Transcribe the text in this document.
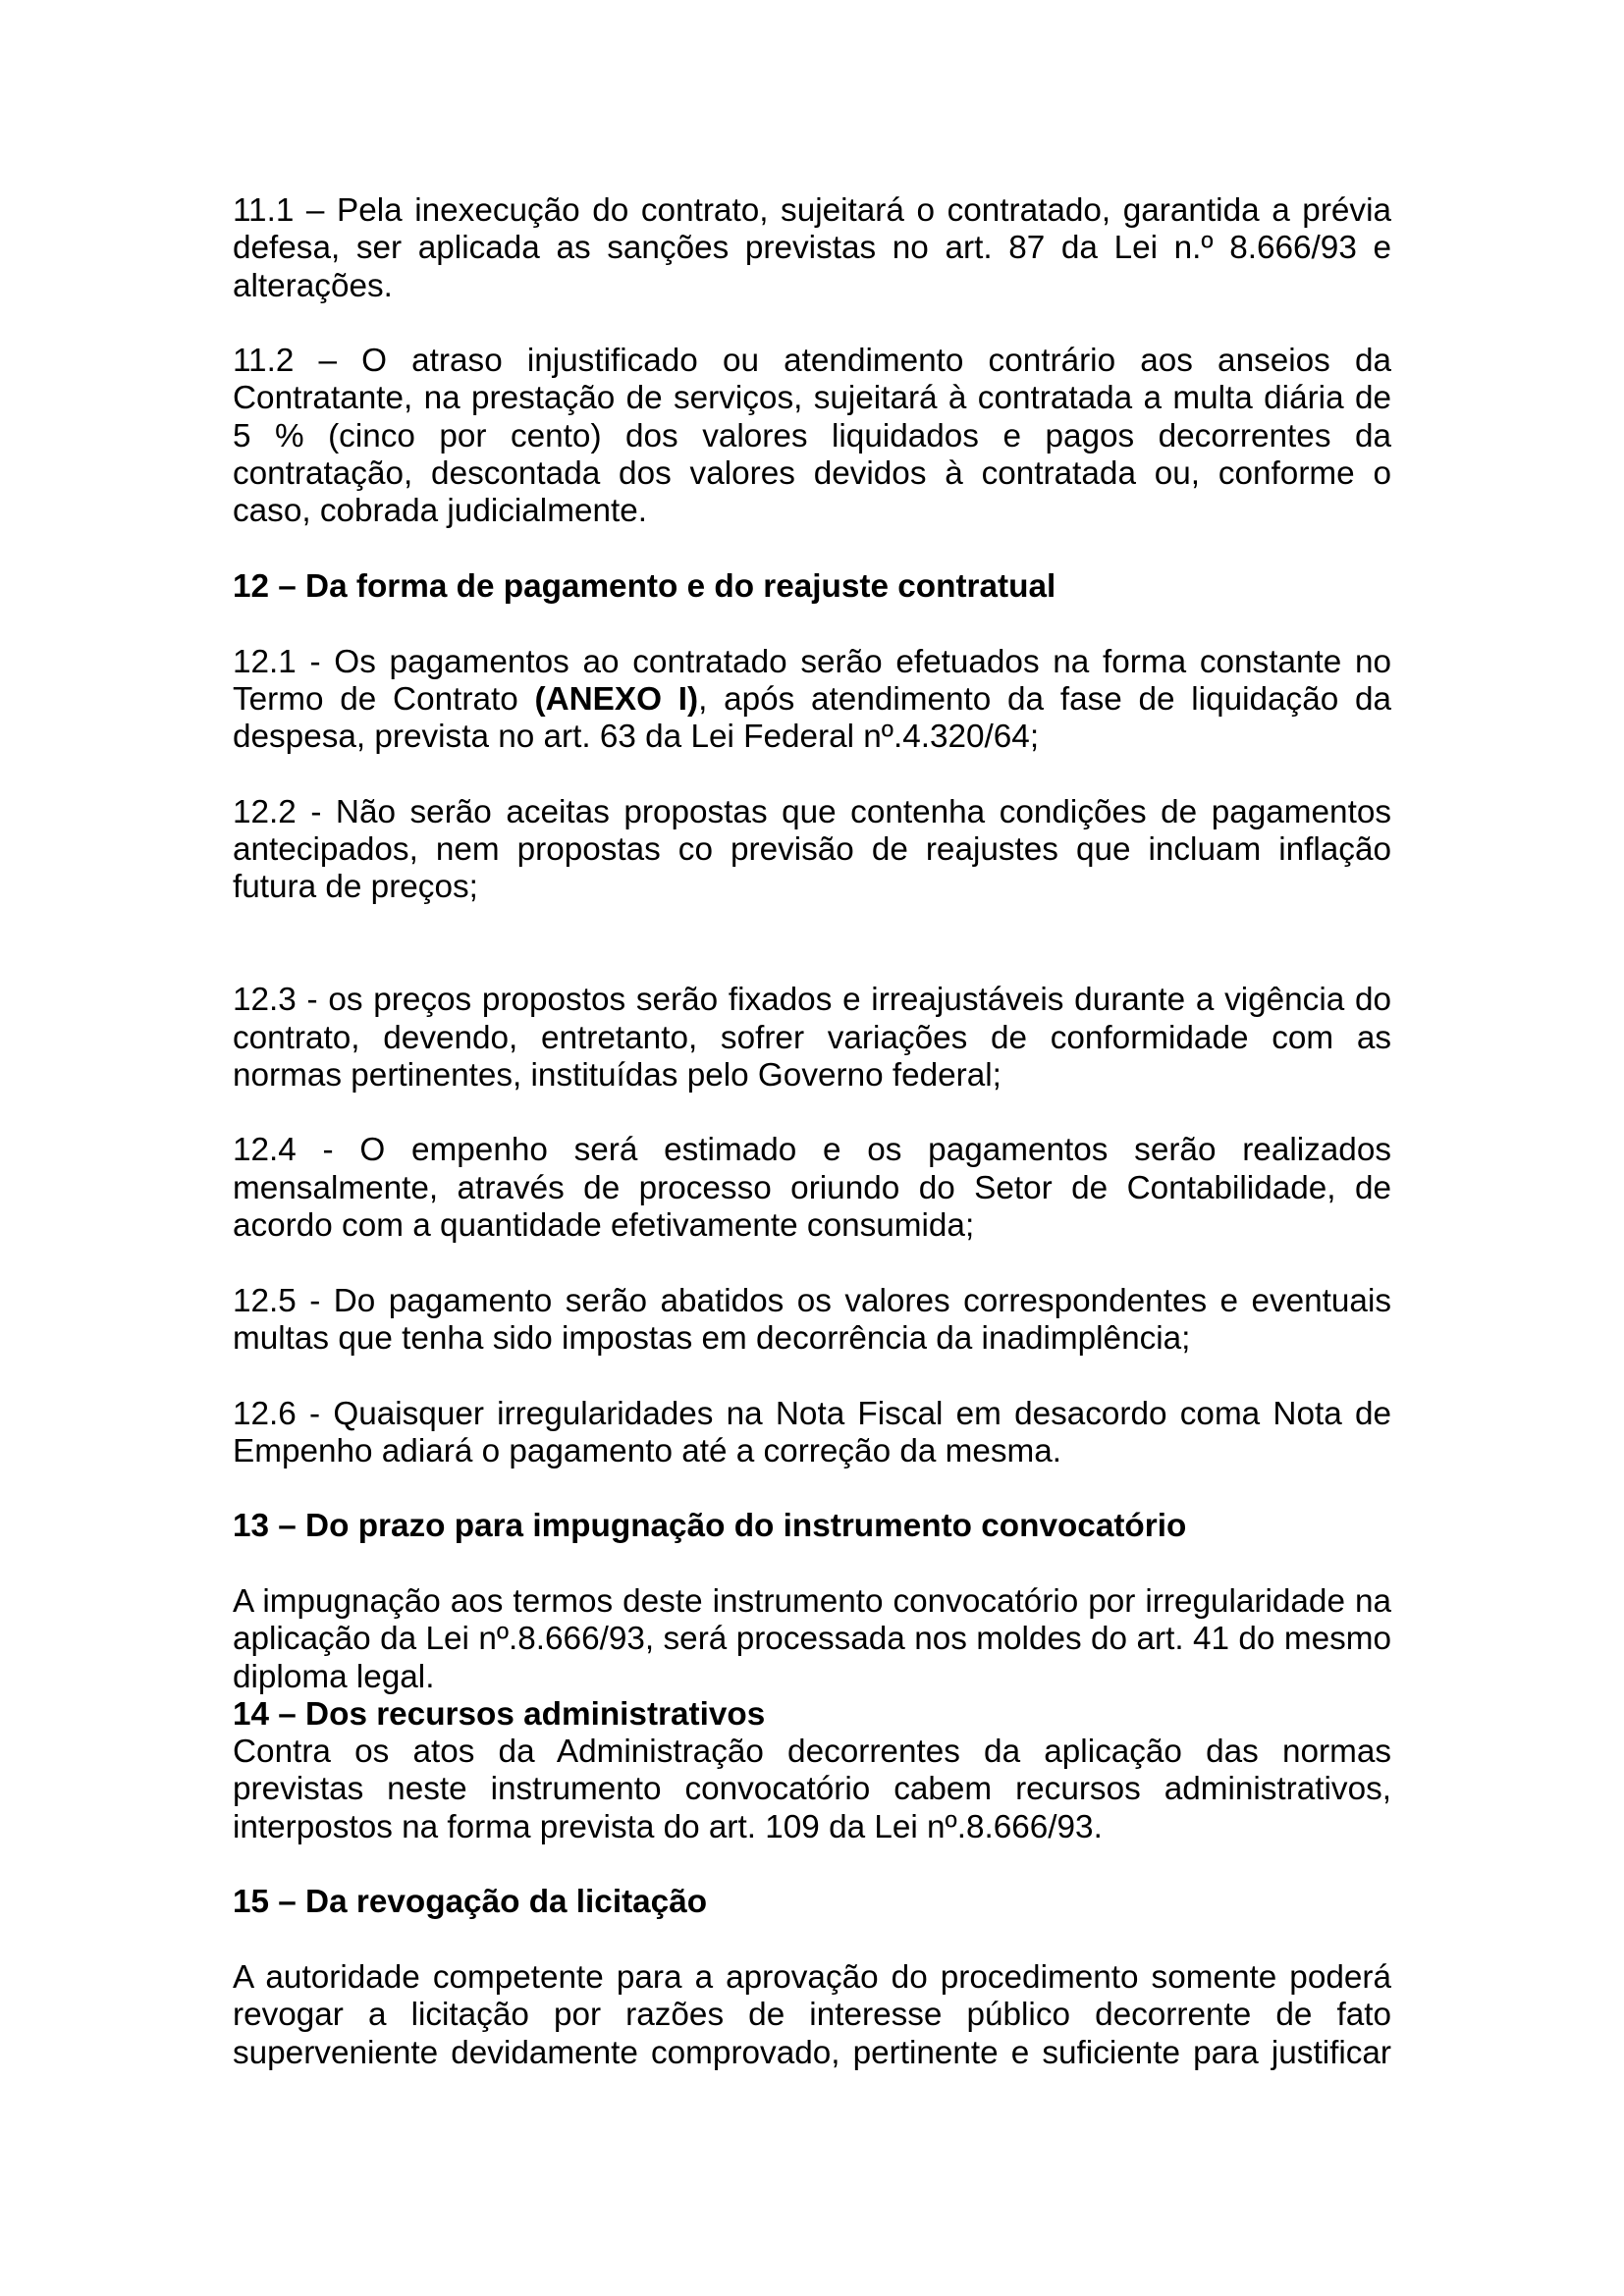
11.1 – Pela inexecução do contrato, sujeitará o contratado, garantida a prévia defesa, ser aplicada as sanções previstas no art. 87 da Lei n.º 8.666/93 e alterações.

11.2 – O atraso injustificado ou atendimento contrário aos anseios da Contratante, na prestação de serviços, sujeitará à contratada a multa diária de 5 % (cinco por cento) dos valores liquidados e pagos decorrentes da contratação, descontada dos valores devidos à contratada ou, conforme o caso, cobrada judicialmente.

12 – Da forma de pagamento e do reajuste contratual

12.1 - Os pagamentos ao contratado serão efetuados na forma constante no Termo de Contrato (ANEXO I), após atendimento da fase de liquidação da despesa, prevista no art. 63 da Lei Federal nº.4.320/64;

12.2 - Não serão aceitas propostas que contenha condições de pagamentos antecipados, nem propostas co previsão de reajustes que incluam inflação futura de preços;

12.3 - os preços propostos serão fixados e irreajustáveis durante a vigência do contrato, devendo, entretanto, sofrer variações de conformidade com as normas pertinentes, instituídas pelo Governo federal;

12.4 - O empenho será estimado e os pagamentos serão realizados mensalmente, através de processo oriundo do Setor de Contabilidade, de acordo com a quantidade efetivamente consumida;

12.5 - Do pagamento serão abatidos os valores correspondentes e eventuais multas que tenha sido impostas em decorrência da inadimplência;

12.6 - Quaisquer irregularidades na Nota Fiscal em desacordo coma Nota de Empenho adiará o pagamento até a correção da mesma.

13 – Do prazo para impugnação do instrumento convocatório

A impugnação aos termos deste instrumento convocatório por irregularidade na aplicação da Lei nº.8.666/93, será processada nos moldes do art. 41 do mesmo diploma legal.

14 – Dos recursos administrativos

Contra os atos da Administração decorrentes da aplicação das normas previstas neste instrumento convocatório cabem recursos administrativos, interpostos na forma prevista do art. 109 da Lei nº.8.666/93.

15 – Da revogação da licitação

A autoridade competente para a aprovação do procedimento somente poderá revogar a licitação por razões de interesse público decorrente de fato superveniente devidamente comprovado, pertinente e suficiente para justificar
